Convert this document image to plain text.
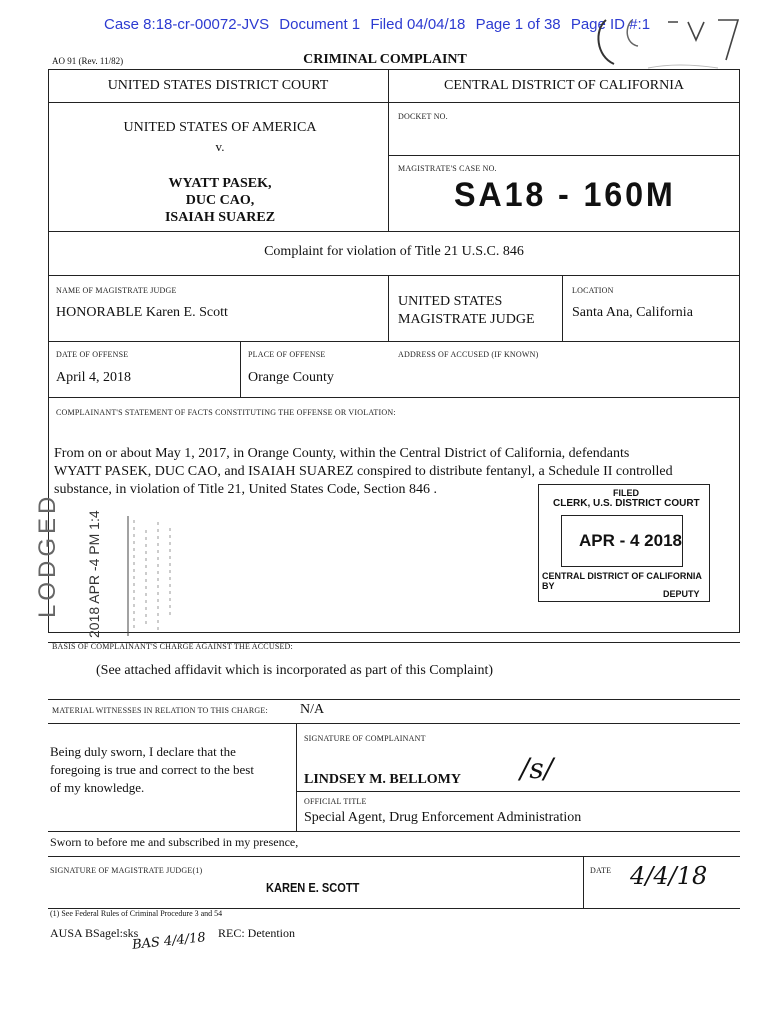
Case 8:18-cr-00072-JVS Document 1 Filed 04/04/18 Page 1 of 38 Page ID #:1
AO 91 (Rev. 11/82)	CRIMINAL COMPLAINT
UNITED STATES DISTRICT COURT	CENTRAL DISTRICT OF CALIFORNIA
UNITED STATES OF AMERICA
v.
WYATT PASEK,
DUC CAO,
ISAIAH SUAREZ
DOCKET NO.
MAGISTRATE'S CASE NO.
SA18 - 160M
Complaint for violation of Title 21 U.S.C. 846
NAME OF MAGISTRATE JUDGE
HONORABLE Karen E. Scott
UNITED STATES
MAGISTRATE JUDGE
LOCATION
Santa Ana, California
DATE OF OFFENSE
April 4, 2018
PLACE OF OFFENSE
Orange County
ADDRESS OF ACCUSED (IF KNOWN)
COMPLAINANT'S STATEMENT OF FACTS CONSTITUTING THE OFFENSE OR VIOLATION:
From on or about May 1, 2017, in Orange County, within the Central District of California, defendants
WYATT PASEK, DUC CAO, and ISAIAH SUAREZ conspired to distribute fentanyl, a Schedule II controlled
substance, in violation of Title 21, United States Code, Section 846 .
LODGED 2018 APR -4 PM 1:4
FILED
CLERK, U.S. DISTRICT COURT
APR - 4 2018
CENTRAL DISTRICT OF CALIFORNIA
BY
DEPUTY
BASIS OF COMPLAINANT'S CHARGE AGAINST THE ACCUSED:
(See attached affidavit which is incorporated as part of this Complaint)
MATERIAL WITNESSES IN RELATION TO THIS CHARGE: N/A
Being duly sworn, I declare that the
foregoing is true and correct to the best
of my knowledge.
SIGNATURE OF COMPLAINANT
LINDSEY M. BELLOMY /s/
OFFICIAL TITLE
Special Agent, Drug Enforcement Administration
Sworn to before me and subscribed in my presence,
SIGNATURE OF MAGISTRATE JUDGE(1)
KAREN E. SCOTT
DATE 4/4/18
(1) See Federal Rules of Criminal Procedure 3 and 54
AUSA BSagel:sks
BAS 4/4/18 REC: Detention
